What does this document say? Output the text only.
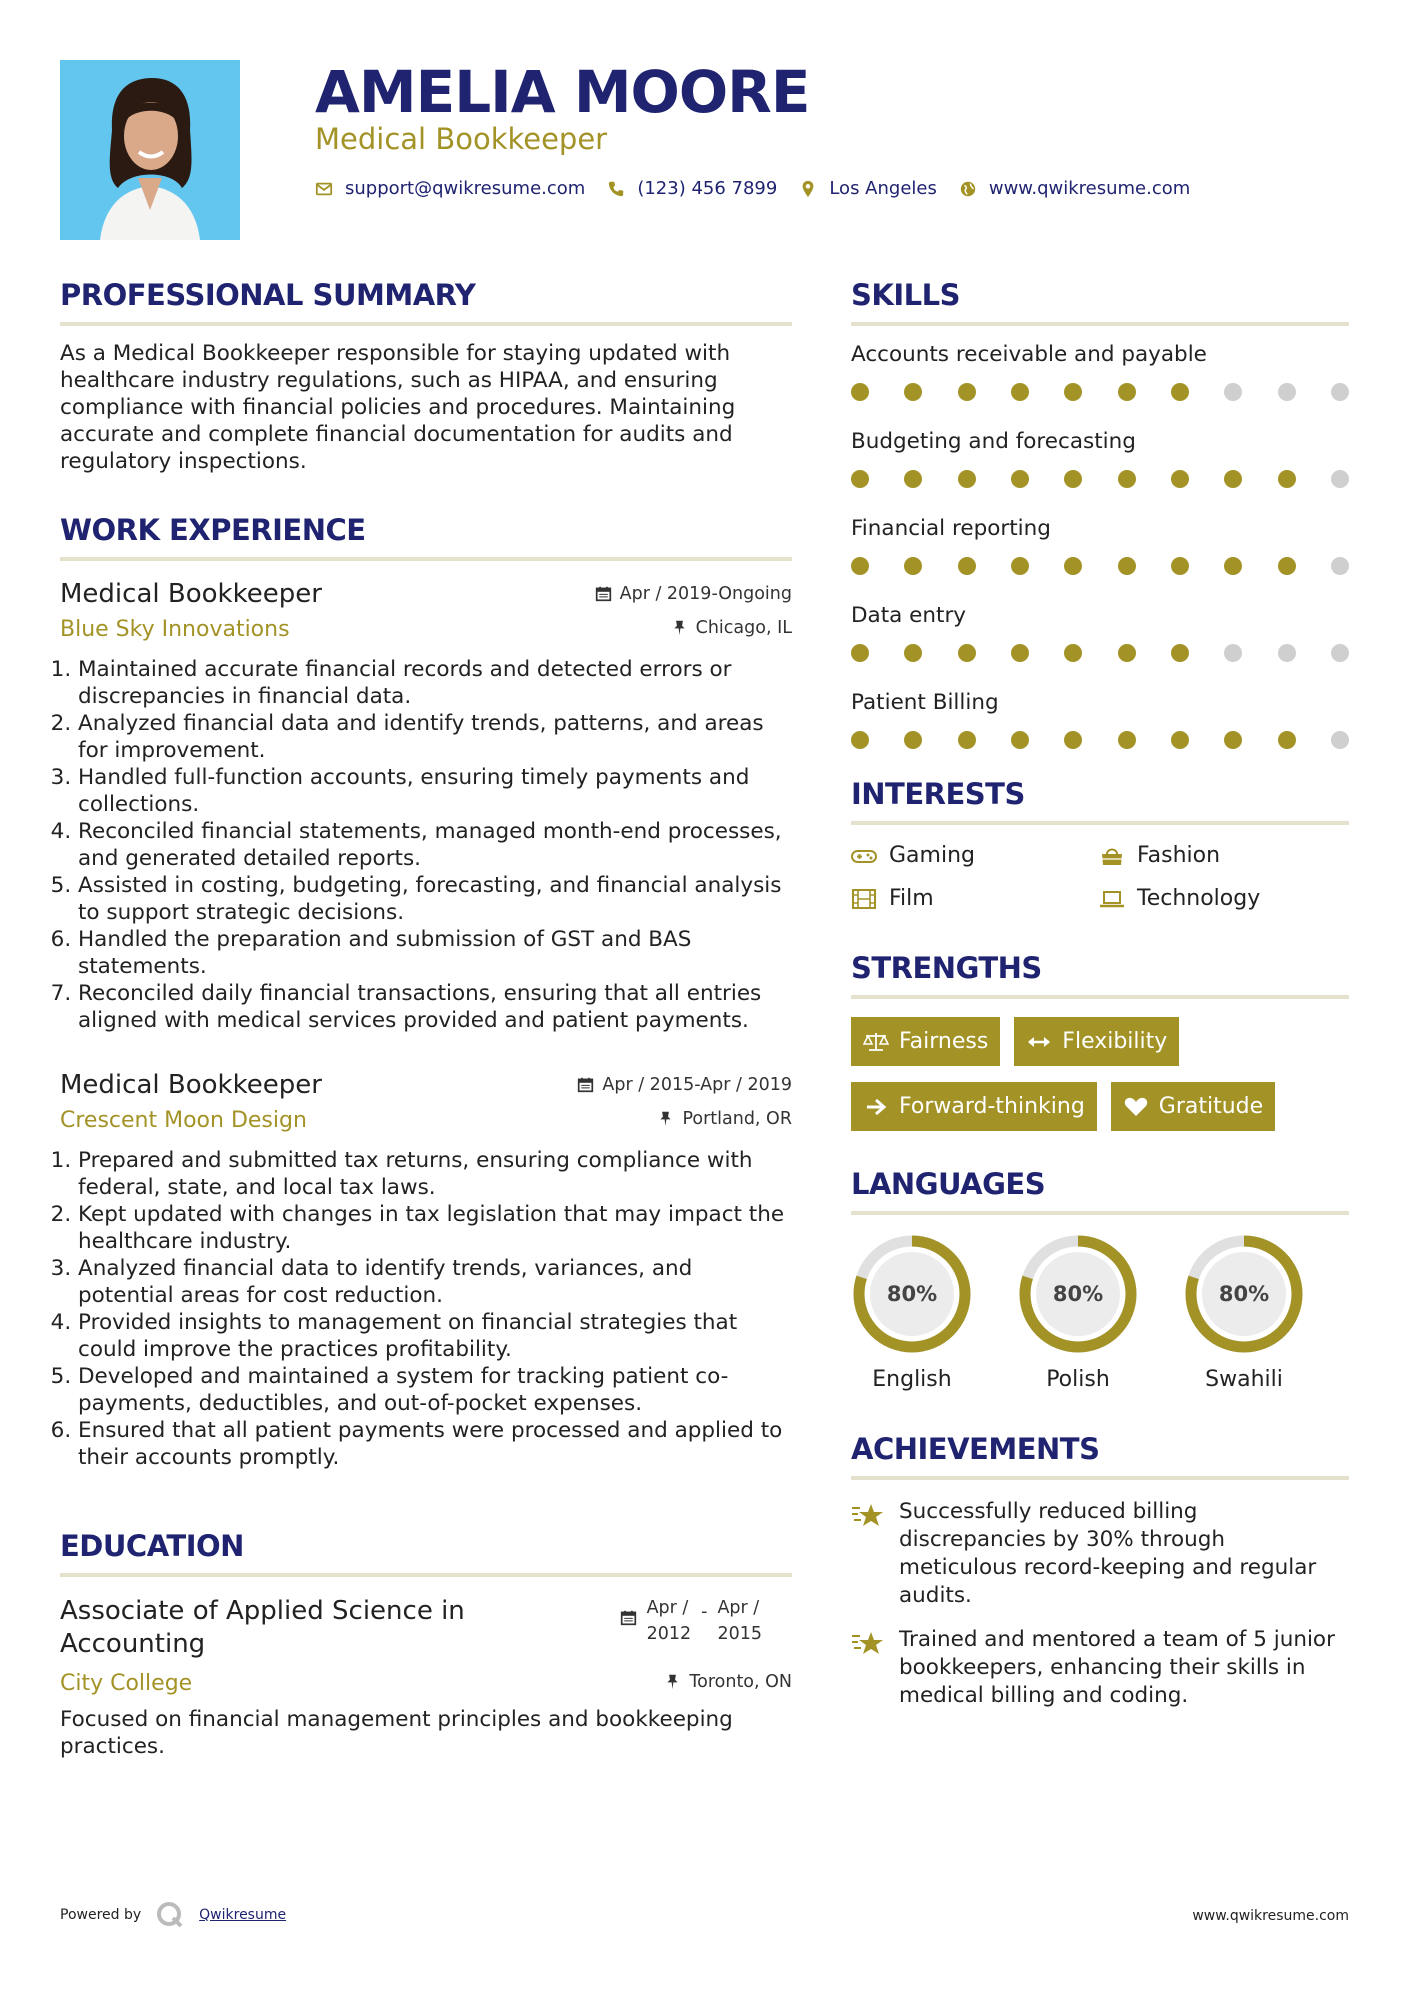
AMELIA MOORE
Medical Bookkeeper
support@qwikresume.com	(123) 456 7899	Los Angeles	www.qwikresume.com
PROFESSIONAL SUMMARY
As a Medical Bookkeeper responsible for staying updated with healthcare industry regulations, such as HIPAA, and ensuring compliance with financial policies and procedures. Maintaining accurate and complete financial documentation for audits and regulatory inspections.
WORK EXPERIENCE
Medical Bookkeeper	Apr / 2019-Ongoing
Blue Sky Innovations	Chicago, IL
1. Maintained accurate financial records and detected errors or discrepancies in financial data.
2. Analyzed financial data and identify trends, patterns, and areas for improvement.
3. Handled full-function accounts, ensuring timely payments and collections.
4. Reconciled financial statements, managed month-end processes, and generated detailed reports.
5. Assisted in costing, budgeting, forecasting, and financial analysis to support strategic decisions.
6. Handled the preparation and submission of GST and BAS statements.
7. Reconciled daily financial transactions, ensuring that all entries aligned with medical services provided and patient payments.
Medical Bookkeeper	Apr / 2015-Apr / 2019
Crescent Moon Design	Portland, OR
1. Prepared and submitted tax returns, ensuring compliance with federal, state, and local tax laws.
2. Kept updated with changes in tax legislation that may impact the healthcare industry.
3. Analyzed financial data to identify trends, variances, and potential areas for cost reduction.
4. Provided insights to management on financial strategies that could improve the practices profitability.
5. Developed and maintained a system for tracking patient co-payments, deductibles, and out-of-pocket expenses.
6. Ensured that all patient payments were processed and applied to their accounts promptly.
EDUCATION
Associate of Applied Science in
Accounting
Apr /
2012
- Apr /
2015
City College	Toronto, ON
Focused on financial management principles and bookkeeping practices.
SKILLS
Accounts receivable and payable
Budgeting and forecasting
Financial reporting
Data entry
Patient Billing
INTERESTS
Gaming	Fashion
Film	Technology
STRENGTHS
Fairness	Flexibility
Forward-thinking	Gratitude
LANGUAGES
80%
English
80%
Polish
80%
Swahili
ACHIEVEMENTS
Successfully reduced billing discrepancies by 30% through meticulous record-keeping and regular audits.
Trained and mentored a team of 5 junior bookkeepers, enhancing their skills in medical billing and coding.
Powered by	Qwikresume	www.qwikresume.com
